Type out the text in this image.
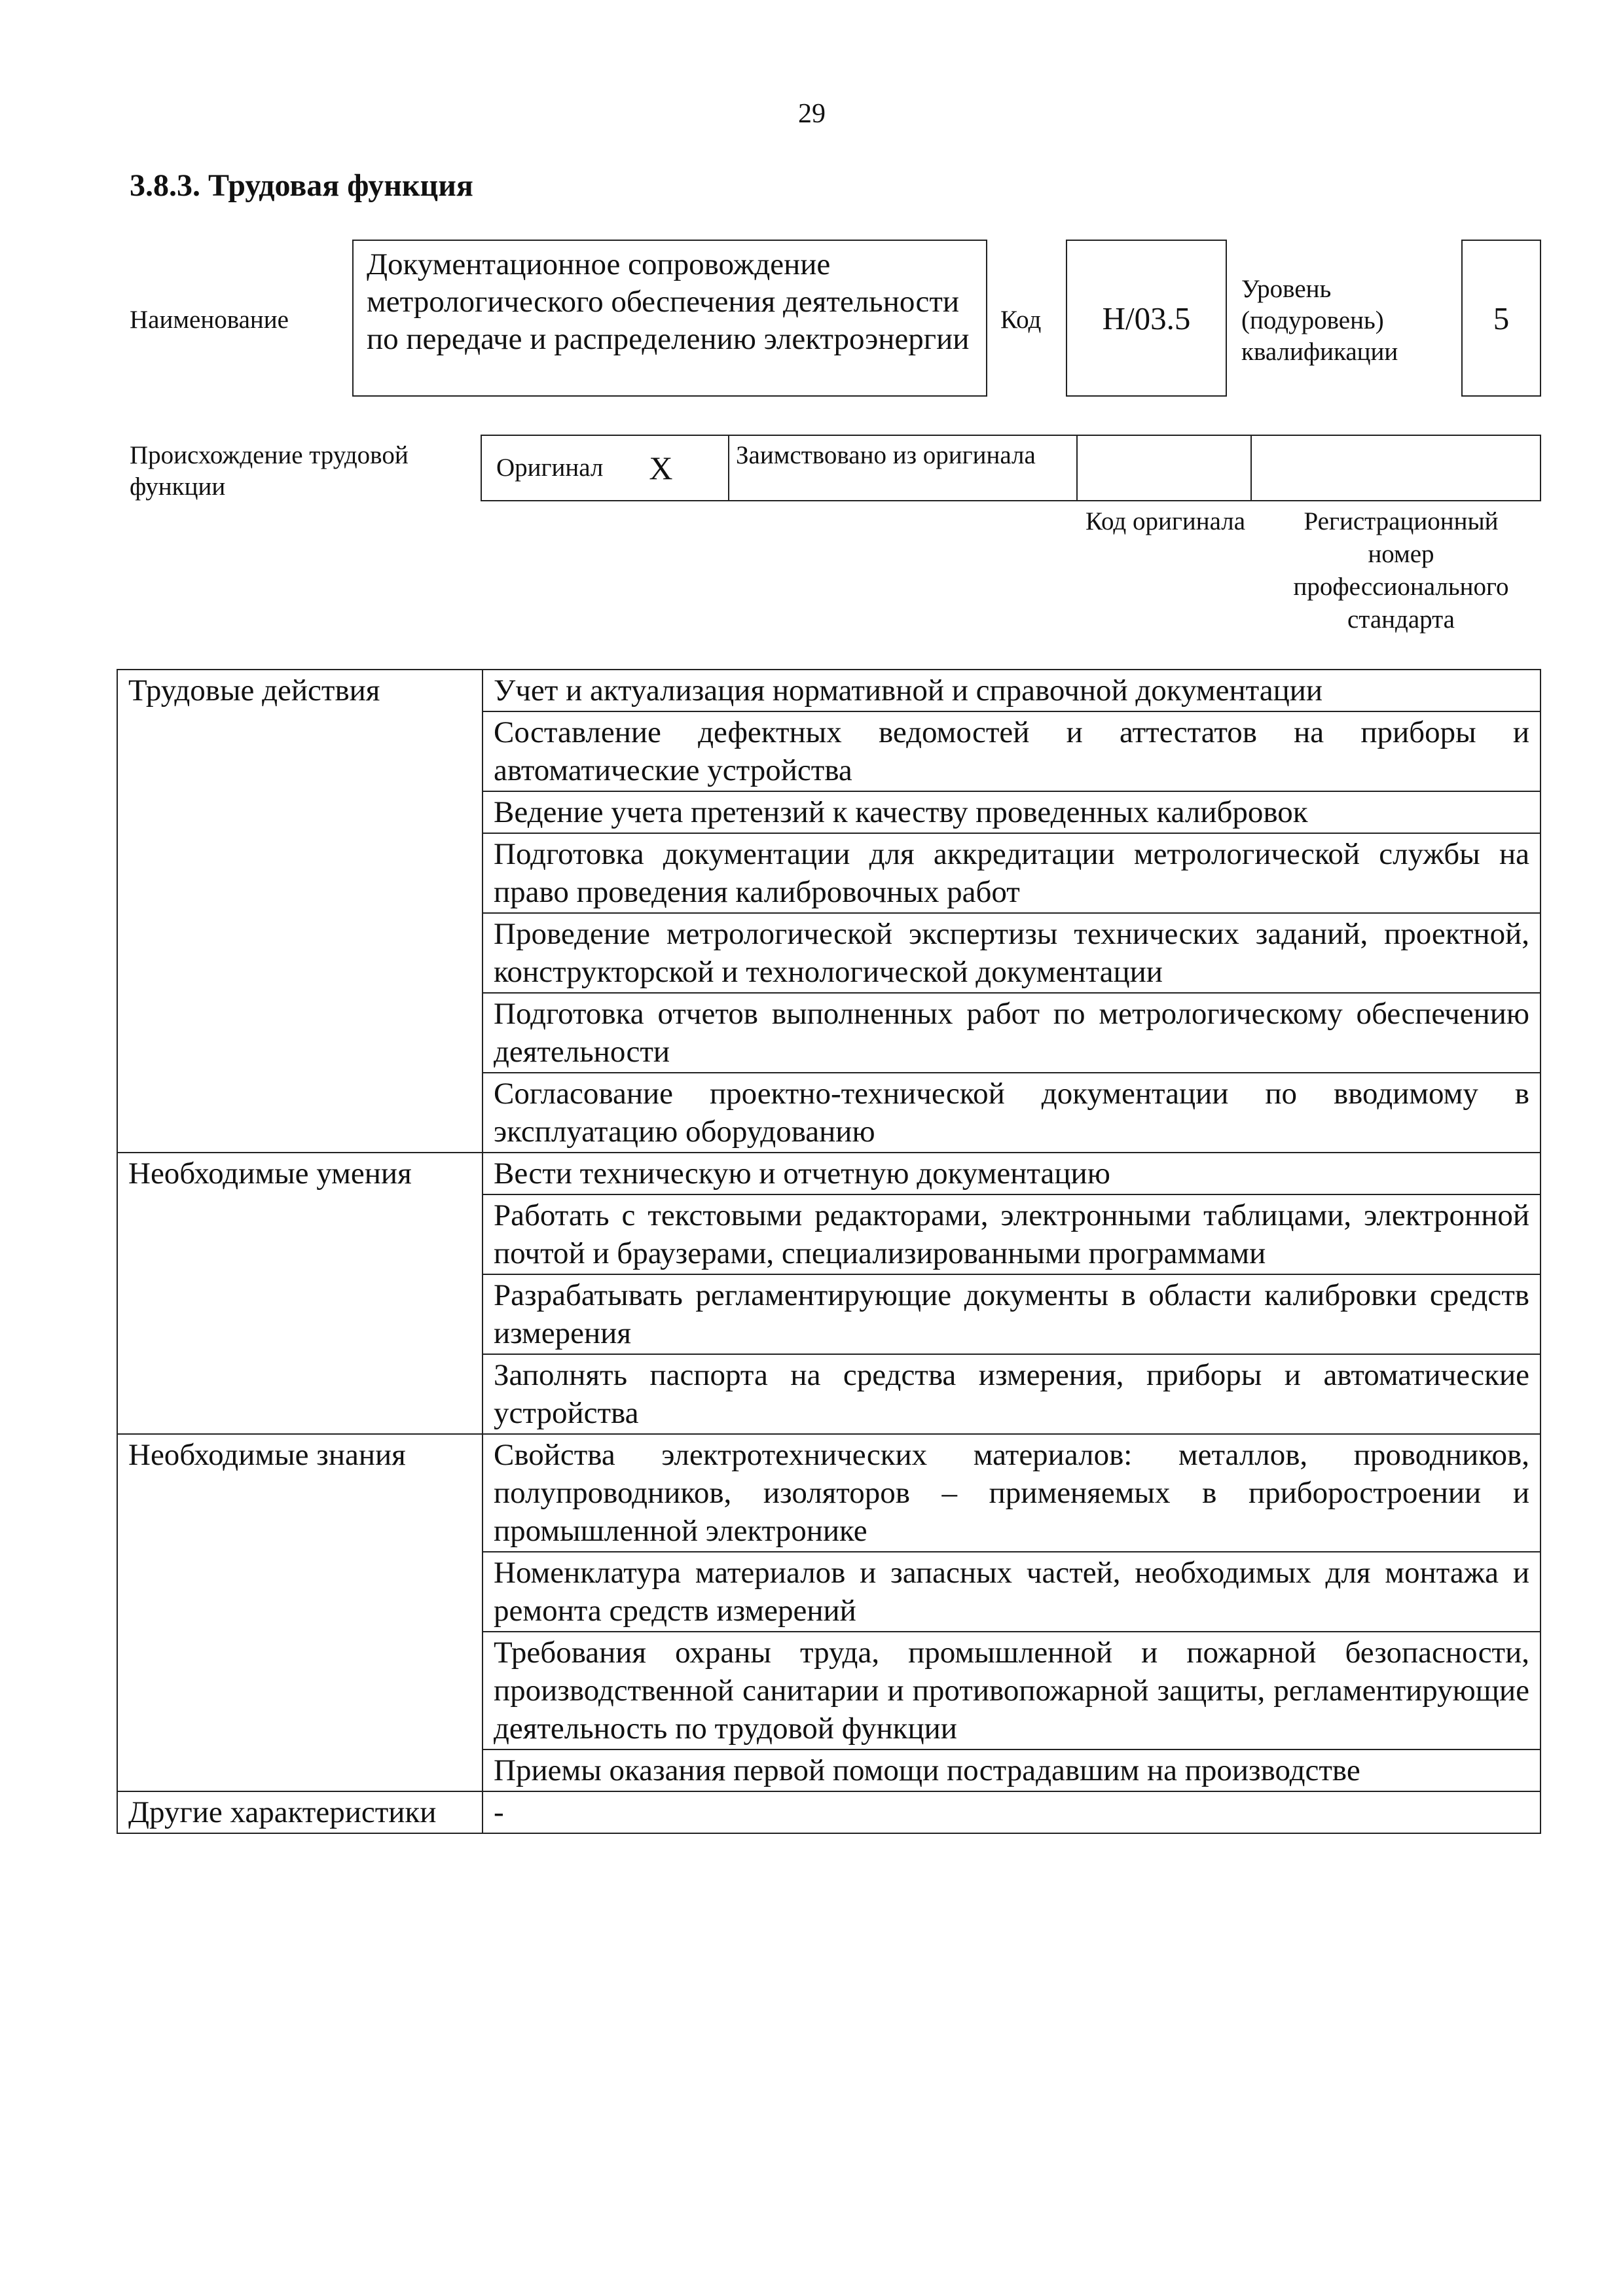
29
3.8.3. Трудовая функция
Наименование
Документационное сопровождение метрологического обеспечения деятельности по передаче и распределению электроэнергии
Код	Н/03.5
Уровень (подуровень) квалификации
5
Происхождение трудовой функции
Оригинал X Заимствовано из оригинала
Код оригинала	Регистрационный номер профессионального стандарта
Трудовые действия	Учет и актуализация нормативной и справочной документации
	Составление дефектных ведомостей и аттестатов на приборы и автоматические устройства
	Ведение учета претензий к качеству проведенных калибровок
	Подготовка документации для аккредитации метрологической службы на право проведения калибровочных работ
	Проведение метрологической экспертизы технических заданий, проектной, конструкторской и технологической документации
	Подготовка отчетов выполненных работ по метрологическому обеспечению деятельности
	Согласование проектно-технической документации по вводимому в эксплуатацию оборудованию
Необходимые умения	Вести техническую и отчетную документацию
	Работать с текстовыми редакторами, электронными таблицами, электронной почтой и браузерами, специализированными программами
	Разрабатывать регламентирующие документы в области калибровки средств измерения
	Заполнять паспорта на средства измерения, приборы и автоматические устройства
Необходимые знания	Свойства электротехнических материалов: металлов, проводников, полупроводников, изоляторов – применяемых в приборостроении и промышленной электронике
	Номенклатура материалов и запасных частей, необходимых для монтажа и ремонта средств измерений
	Требования охраны труда, промышленной и пожарной безопасности, производственной санитарии и противопожарной защиты, регламентирующие деятельность по трудовой функции
	Приемы оказания первой помощи пострадавшим на производстве
Другие характеристики	-
